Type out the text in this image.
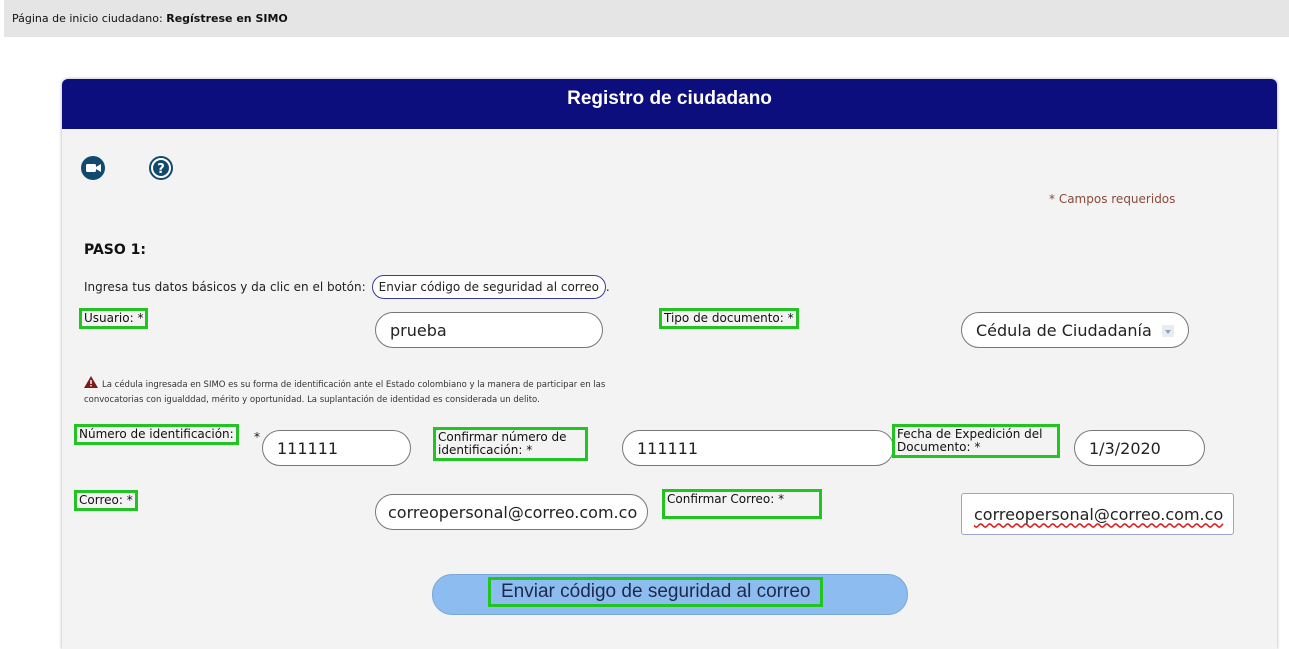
Página de inicio ciudadano: Regístrese en SIMO
Registro de ciudadano
?
* Campos requeridos
PASO 1:
Ingresa tus datos básicos y da clic en el botón:	Enviar código de seguridad al correo .
Usuario: *
prueba
Tipo de documento: *
Cédula de Ciudadanía
La cédula ingresada en SIMO es su forma de identificación ante el Estado colombiano y la manera de participar en las
convocatorias con igualddad, mérito y oportunidad. La suplantación de identidad es considerada un delito.
Número de identificación:	*
111111
Confirmar número de
identificación: *	111111
Fecha de Expedición del
Documento: *	1/3/2020
Correo: *
correopersonal@correo.com.co
Confirmar Correo: *
correopersonal@correo.com.co
Enviar código de seguridad al correo
